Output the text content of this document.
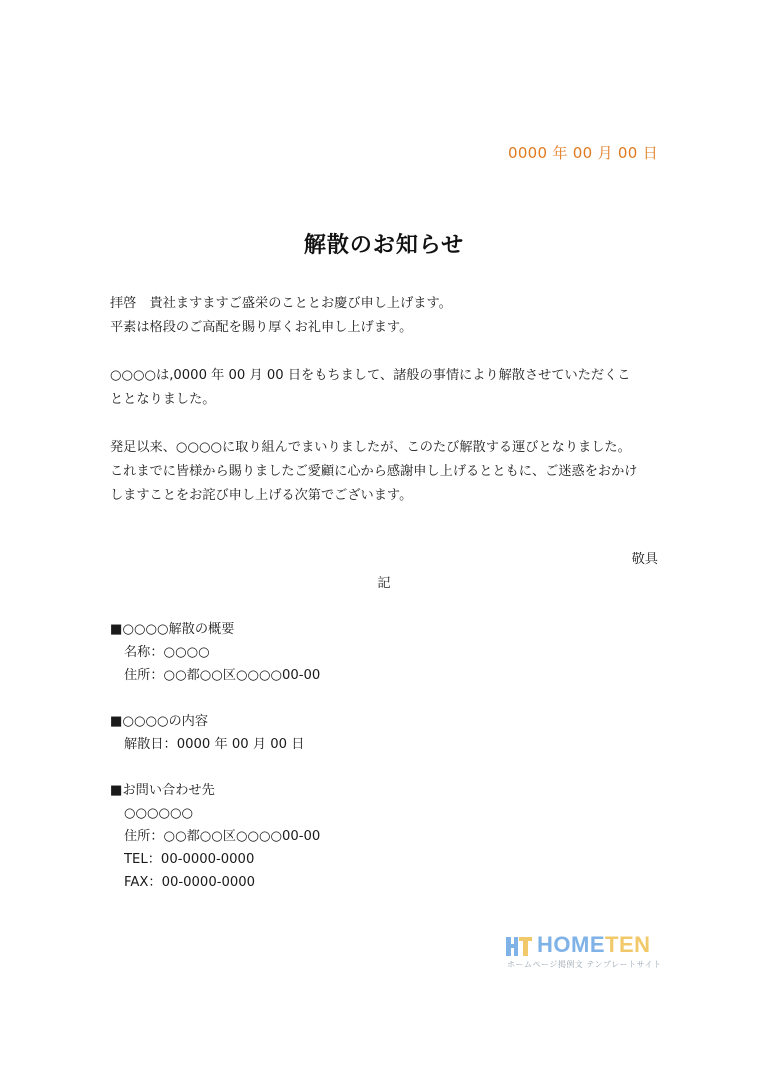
0000 年 00 月 00 日
解散のお知らせ

拝啓　貴社ますますご盛栄のこととお慶び申し上げます。
平素は格段のご高配を賜り厚くお礼申し上げます。

○○○○は,0000 年 00 月 00 日をもちまして、諸般の事情により解散させていただくこ
ととなりました。

発足以来、○○○○に取り組んでまいりましたが、このたび解散する運びとなりました。
これまでに皆様から賜りましたご愛顧に心から感謝申し上げるとともに、ご迷惑をおかけ
しますことをお詫び申し上げる次第でございます。

敬具
記
■○○○○解散の概要
名称：○○○○
住所：○○都○○区○○○○00-00
■○○○○の内容
解散日：0000 年 00 月 00 日
■お問い合わせ先
○○○○○○
住所：○○都○○区○○○○00-00
TEL：00-0000-0000
FAX：00-0000-0000
HOMETEN
ホームページ掲例文 テンプレートサイト
